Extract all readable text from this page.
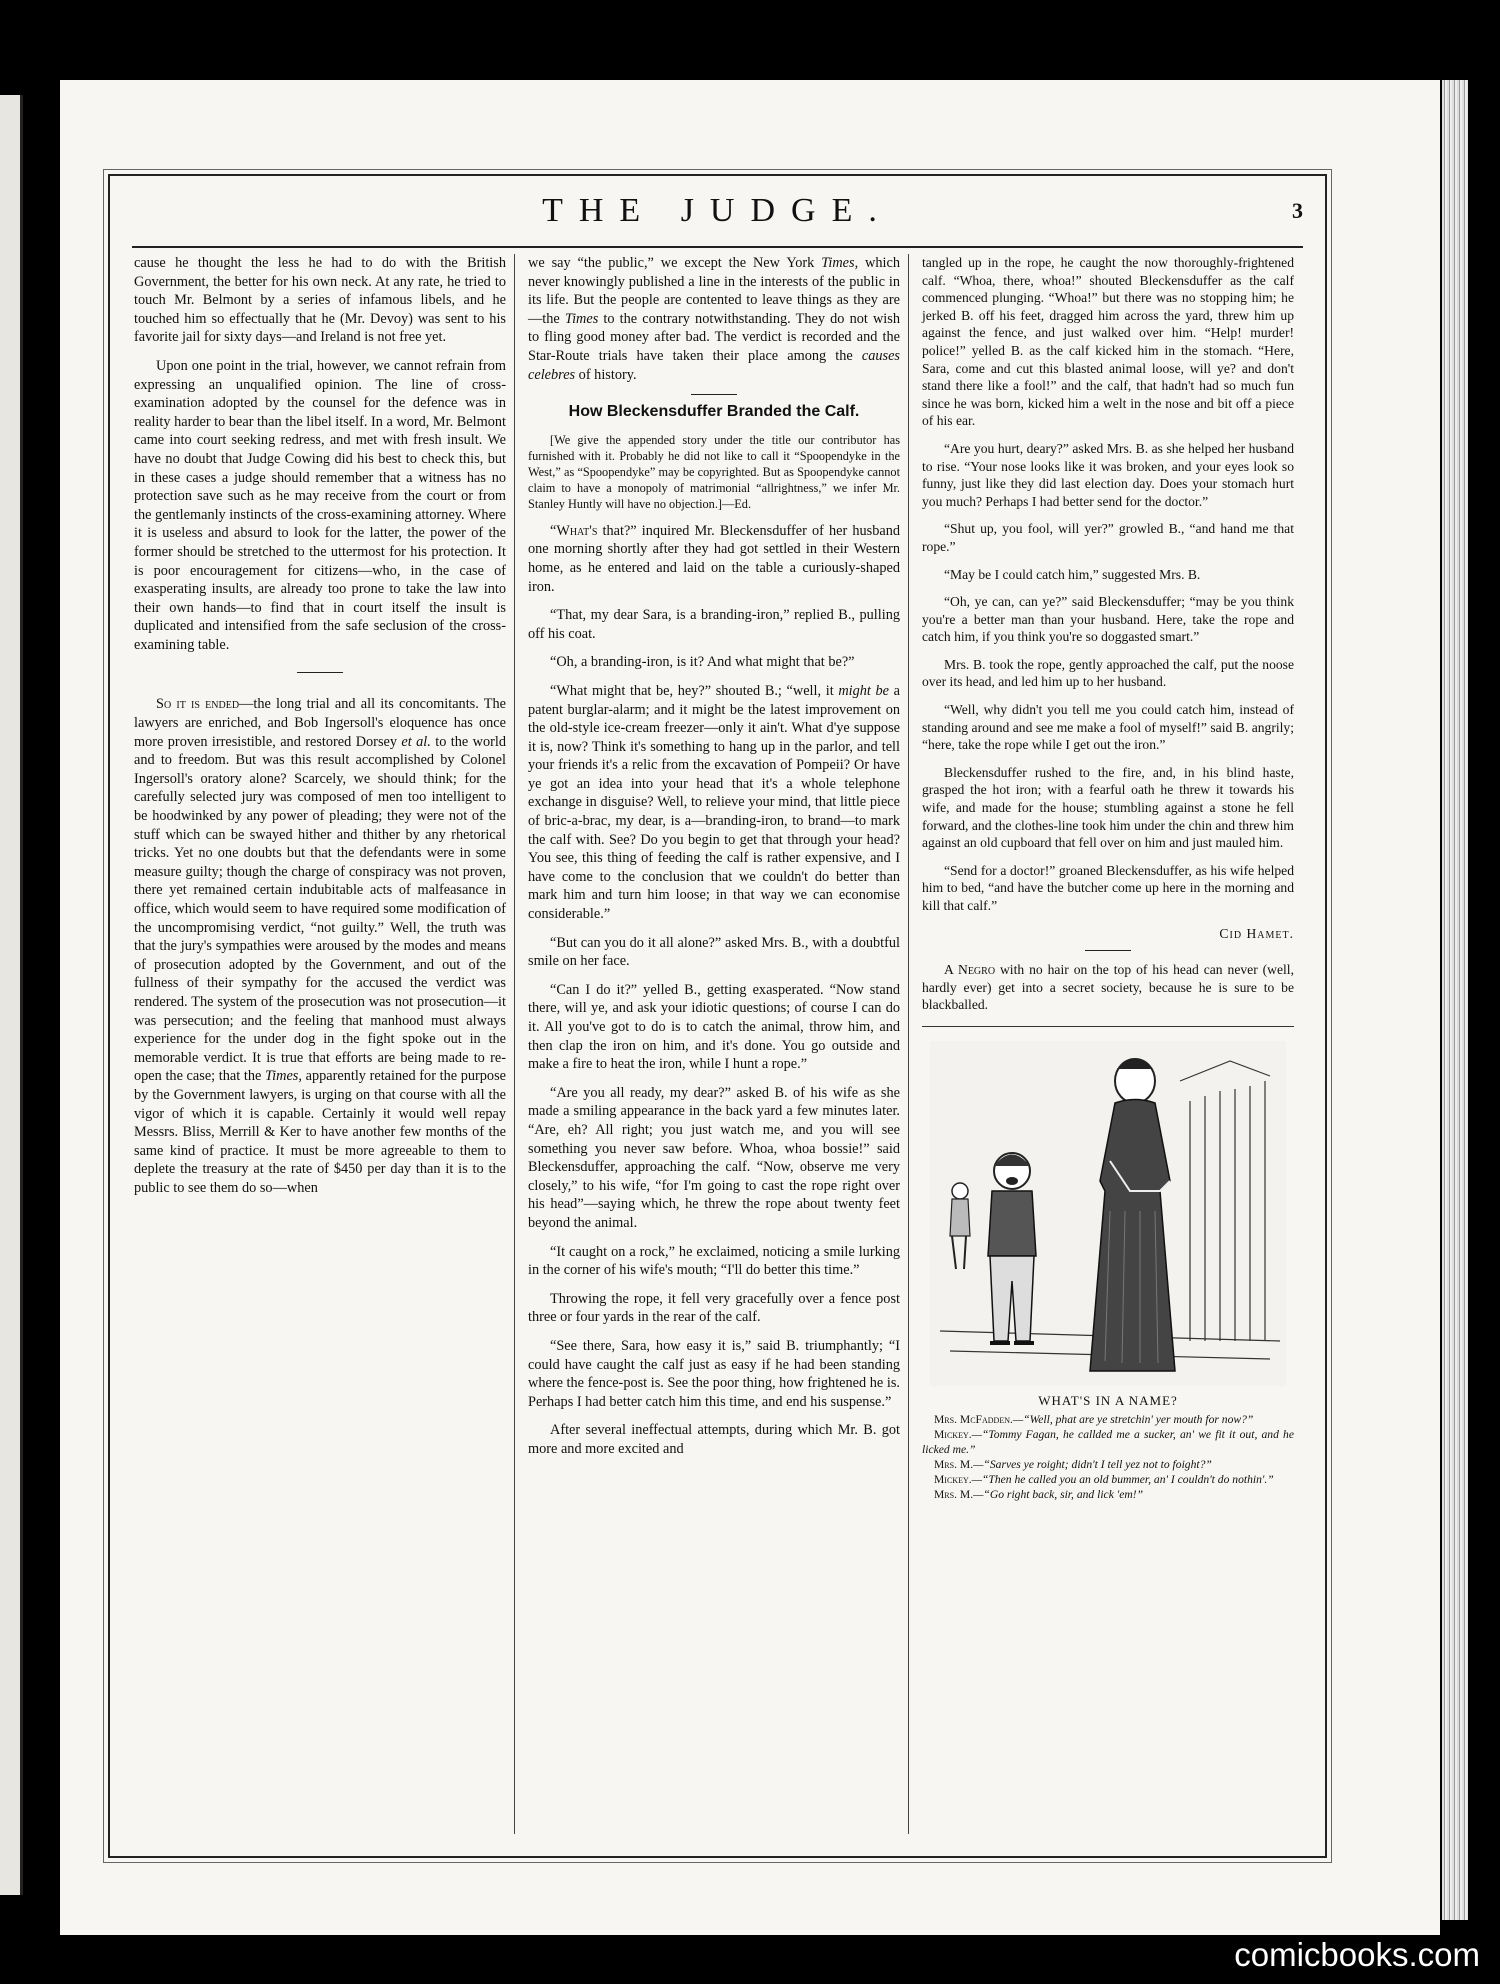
THE JUDGE.	3

cause he thought the less he had to do with the British Government, the better for his own neck. At any rate, he tried to touch Mr. Belmont by a series of infamous libels, and he touched him so effectually that he (Mr. Devoy) was sent to his favorite jail for sixty days—and Ireland is not free yet.

Upon one point in the trial, however, we cannot refrain from expressing an unqualified opinion. The line of cross-examination adopted by the counsel for the defence was in reality harder to bear than the libel itself. In a word, Mr. Belmont came into court seeking redress, and met with fresh insult. We have no doubt that Judge Cowing did his best to check this, but in these cases a judge should remember that a witness has no protection save such as he may receive from the court or from the gentlemanly instincts of the cross-examining attorney. Where it is useless and absurd to look for the latter, the power of the former should be stretched to the uttermost for his protection. It is poor encouragement for citizens—who, in the case of exasperating insults, are already too prone to take the law into their own hands—to find that in court itself the insult is duplicated and intensified from the safe seclusion of the cross-examining table.

So it is ended—the long trial and all its concomitants. The lawyers are enriched, and Bob Ingersoll's eloquence has once more proven irresistible, and restored Dorsey et al. to the world and to freedom. But was this result accomplished by Colonel Ingersoll's oratory alone? Scarcely, we should think; for the carefully selected jury was composed of men too intelligent to be hoodwinked by any power of pleading; they were not of the stuff which can be swayed hither and thither by any rhetorical tricks. Yet no one doubts but that the defendants were in some measure guilty; though the charge of conspiracy was not proven, there yet remained certain indubitable acts of malfeasance in office, which would seem to have required some modification of the uncompromising verdict, “not guilty.” Well, the truth was that the jury's sympathies were aroused by the modes and means of prosecution adopted by the Government, and out of the fullness of their sympathy for the accused the verdict was rendered. The system of the prosecution was not prosecution—it was persecution; and the feeling that manhood must always experience for the under dog in the fight spoke out in the memorable verdict. It is true that efforts are being made to re-open the case; that the Times, apparently retained for the purpose by the Government lawyers, is urging on that course with all the vigor of which it is capable. Certainly it would well repay Messrs. Bliss, Merrill & Ker to have another few months of the same kind of practice. It must be more agreeable to them to deplete the treasury at the rate of $450 per day than it is to the public to see them do so—when

we say “the public,” we except the New York Times, which never knowingly published a line in the interests of the public in its life. But the people are contented to leave things as they are—the Times to the contrary notwithstanding. They do not wish to fling good money after bad. The verdict is recorded and the Star-Route trials have taken their place among the causes celebres of history.

How Bleckensduffer Branded the Calf.

[We give the appended story under the title our contributor has furnished with it. Probably he did not like to call it “Spoopendyke in the West,” as “Spoopendyke” may be copyrighted. But as Spoopendyke cannot claim to have a monopoly of matrimonial “allrightness,” we infer Mr. Stanley Huntly will have no objection.]—Ed.

“What's that?” inquired Mr. Bleckensduffer of her husband one morning shortly after they had got settled in their Western home, as he entered and laid on the table a curiously-shaped iron.

“That, my dear Sara, is a branding-iron,” replied B., pulling off his coat.

“Oh, a branding-iron, is it? And what might that be?”

“What might that be, hey?” shouted B.; “well, it might be a patent burglar-alarm; and it might be the latest improvement on the old-style ice-cream freezer—only it ain't. What d'ye suppose it is, now? Think it's something to hang up in the parlor, and tell your friends it's a relic from the excavation of Pompeii? Or have ye got an idea into your head that it's a whole telephone exchange in disguise? Well, to relieve your mind, that little piece of bric-a-brac, my dear, is a—branding-iron, to brand—to mark the calf with. See? Do you begin to get that through your head? You see, this thing of feeding the calf is rather expensive, and I have come to the conclusion that we couldn't do better than mark him and turn him loose; in that way we can economise considerable.”

“But can you do it all alone?” asked Mrs. B., with a doubtful smile on her face.

“Can I do it?” yelled B., getting exasperated. “Now stand there, will ye, and ask your idiotic questions; of course I can do it. All you've got to do is to catch the animal, throw him, and then clap the iron on him, and it's done. You go outside and make a fire to heat the iron, while I hunt a rope.”

“Are you all ready, my dear?” asked B. of his wife as she made a smiling appearance in the back yard a few minutes later. “Are, eh? All right; you just watch me, and you will see something you never saw before. Whoa, whoa bossie!” said Bleckensduffer, approaching the calf. “Now, observe me very closely,” to his wife, “for I'm going to cast the rope right over his head”—saying which, he threw the rope about twenty feet beyond the animal.

“It caught on a rock,” he exclaimed, noticing a smile lurking in the corner of his wife's mouth; “I'll do better this time.”

Throwing the rope, it fell very gracefully over a fence post three or four yards in the rear of the calf.

“See there, Sara, how easy it is,” said B. triumphantly; “I could have caught the calf just as easy if he had been standing where the fence-post is. See the poor thing, how frightened he is. Perhaps I had better catch him this time, and end his suspense.”

After several ineffectual attempts, during which Mr. B. got more and more excited and

tangled up in the rope, he caught the now thoroughly-frightened calf. “Whoa, there, whoa!” shouted Bleckensduffer as the calf commenced plunging. “Whoa!” but there was no stopping him; he jerked B. off his feet, dragged him across the yard, threw him up against the fence, and just walked over him. “Help! murder! police!” yelled B. as the calf kicked him in the stomach. “Here, Sara, come and cut this blasted animal loose, will ye? and don't stand there like a fool!” and the calf, that hadn't had so much fun since he was born, kicked him a welt in the nose and bit off a piece of his ear.

“Are you hurt, deary?” asked Mrs. B. as she helped her husband to rise. “Your nose looks like it was broken, and your eyes look so funny, just like they did last election day. Does your stomach hurt you much? Perhaps I had better send for the doctor.”

“Shut up, you fool, will yer?” growled B., “and hand me that rope.”

“May be I could catch him,” suggested Mrs. B.

“Oh, ye can, can ye?” said Bleckensduffer; “may be you think you're a better man than your husband. Here, take the rope and catch him, if you think you're so doggasted smart.”

Mrs. B. took the rope, gently approached the calf, put the noose over its head, and led him up to her husband.

“Well, why didn't you tell me you could catch him, instead of standing around and see me make a fool of myself!” said B. angrily; “here, take the rope while I get out the iron.”

Bleckensduffer rushed to the fire, and, in his blind haste, grasped the hot iron; with a fearful oath he threw it towards his wife, and made for the house; stumbling against a stone he fell forward, and the clothes-line took him under the chin and threw him against an old cupboard that fell over on him and just mauled him.

“Send for a doctor!” groaned Bleckensduffer, as his wife helped him to bed, “and have the butcher come up here in the morning and kill that calf.”

Cid Hamet.

A Negro with no hair on the top of his head can never (well, hardly ever) get into a secret society, because he is sure to be blackballed.

WHAT'S IN A NAME?
Mrs. McFadden.—“Well, phat are ye stretchin' yer mouth for now?”
Mickey.—“Tommy Fagan, he callded me a sucker, an' we fit it out, and he licked me.”
Mrs. M.—“Sarves ye roight; didn't I tell yez not to foight?”
Mickey.—“Then he called you an old bummer, an' I couldn't do nothin'.”
Mrs. M.—“Go right back, sir, and lick 'em!”
comicbooks.com
